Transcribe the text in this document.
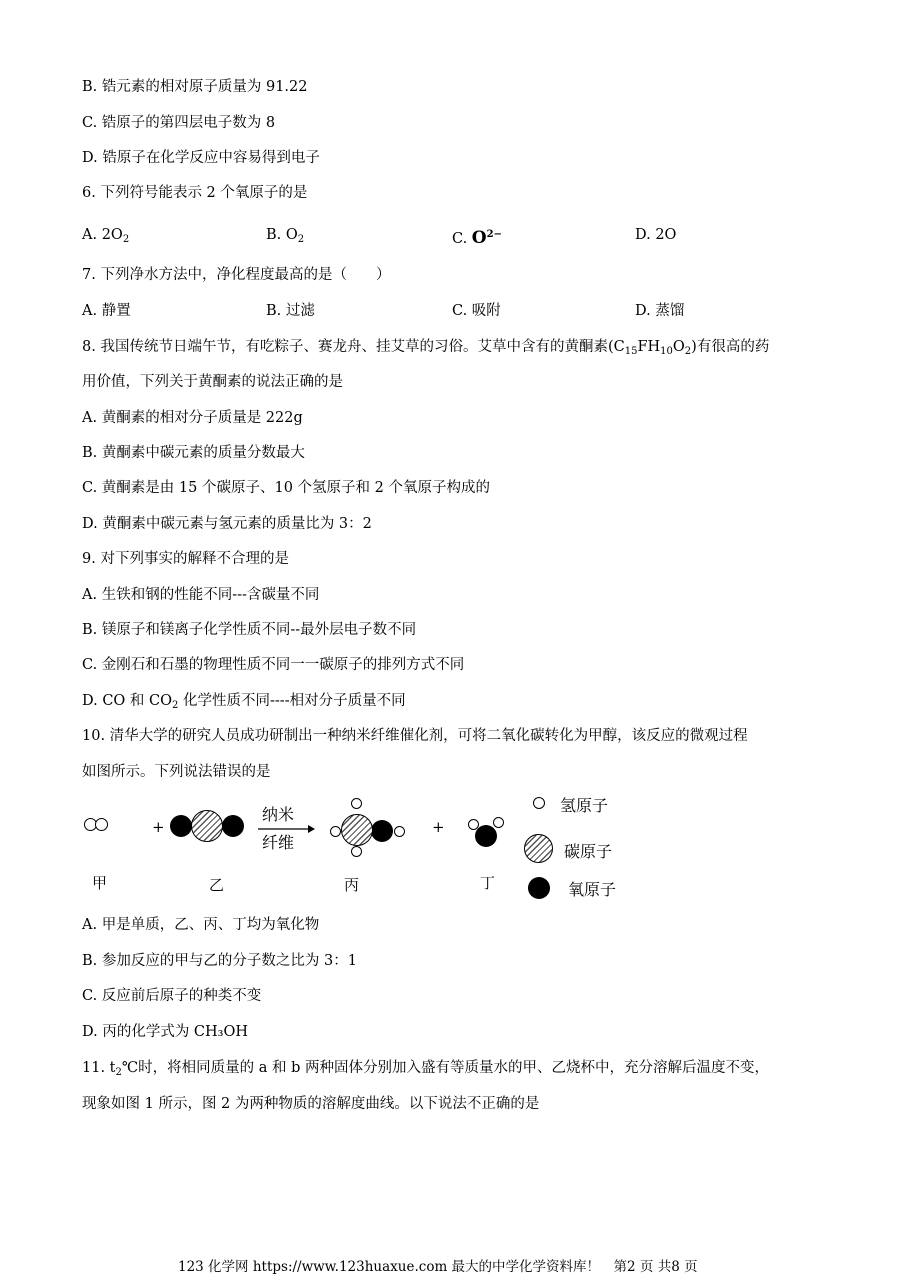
B. 锆元素的相对原子质量为 91.22
C. 锆原子的第四层电子数为 8
D. 锆原子在化学反应中容易得到电子
6. 下列符号能表示 2 个氧原子的是
A. $2O_2$	B. $O_2$	C. $O^{2-}$	D. 2O
7. 下列净水方法中，净化程度最高的是（　　）
A. 静置	B. 过滤	C. 吸附	D. 蒸馏
8. 我国传统节日端午节，有吃粽子、赛龙舟、挂艾草的习俗。艾草中含有的黄酮素$(C_{15}FH_{10}O_2)$有很高的药
用价值，下列关于黄酮素的说法正确的是
A. 黄酮素的相对分子质量是 222g
B. 黄酮素中碳元素的质量分数最大
C. 黄酮素是由 15 个碳原子、10 个氢原子和 2 个氧原子构成的
D. 黄酮素中碳元素与氢元素的质量比为 3：2
9. 对下列事实的解释不合理的是
A. 生铁和钢的性能不同---含碳量不同
B. 镁原子和镁离子化学性质不同--最外层电子数不同
C. 金刚石和石墨的物理性质不同一一碳原子的排列方式不同
D. CO 和 $CO_2$ 化学性质不同----相对分子质量不同
10. 清华大学的研究人员成功研制出一种纳米纤维催化剂，可将二氧化碳转化为甲醇，该反应的微观过程
如图所示。下列说法错误的是
+
纳米
纤维
+
甲	乙	丙	丁
氢原子
碳原子
氧原子
A. 甲是单质，乙、丙、丁均为氧化物
B. 参加反应的甲与乙的分子数之比为 3：1
C. 反应前后原子的种类不变
D. 丙的化学式为 CH₃OH
11. $t_2℃$时，将相同质量的 a 和 b 两种固体分别加入盛有等质量水的甲、乙烧杯中，充分溶解后温度不变，
现象如图 1 所示，图 2 为两种物质的溶解度曲线。以下说法不正确的是
123 化学网 https://www.123huaxue.com 最大的中学化学资料库！　第2 页 共8 页
